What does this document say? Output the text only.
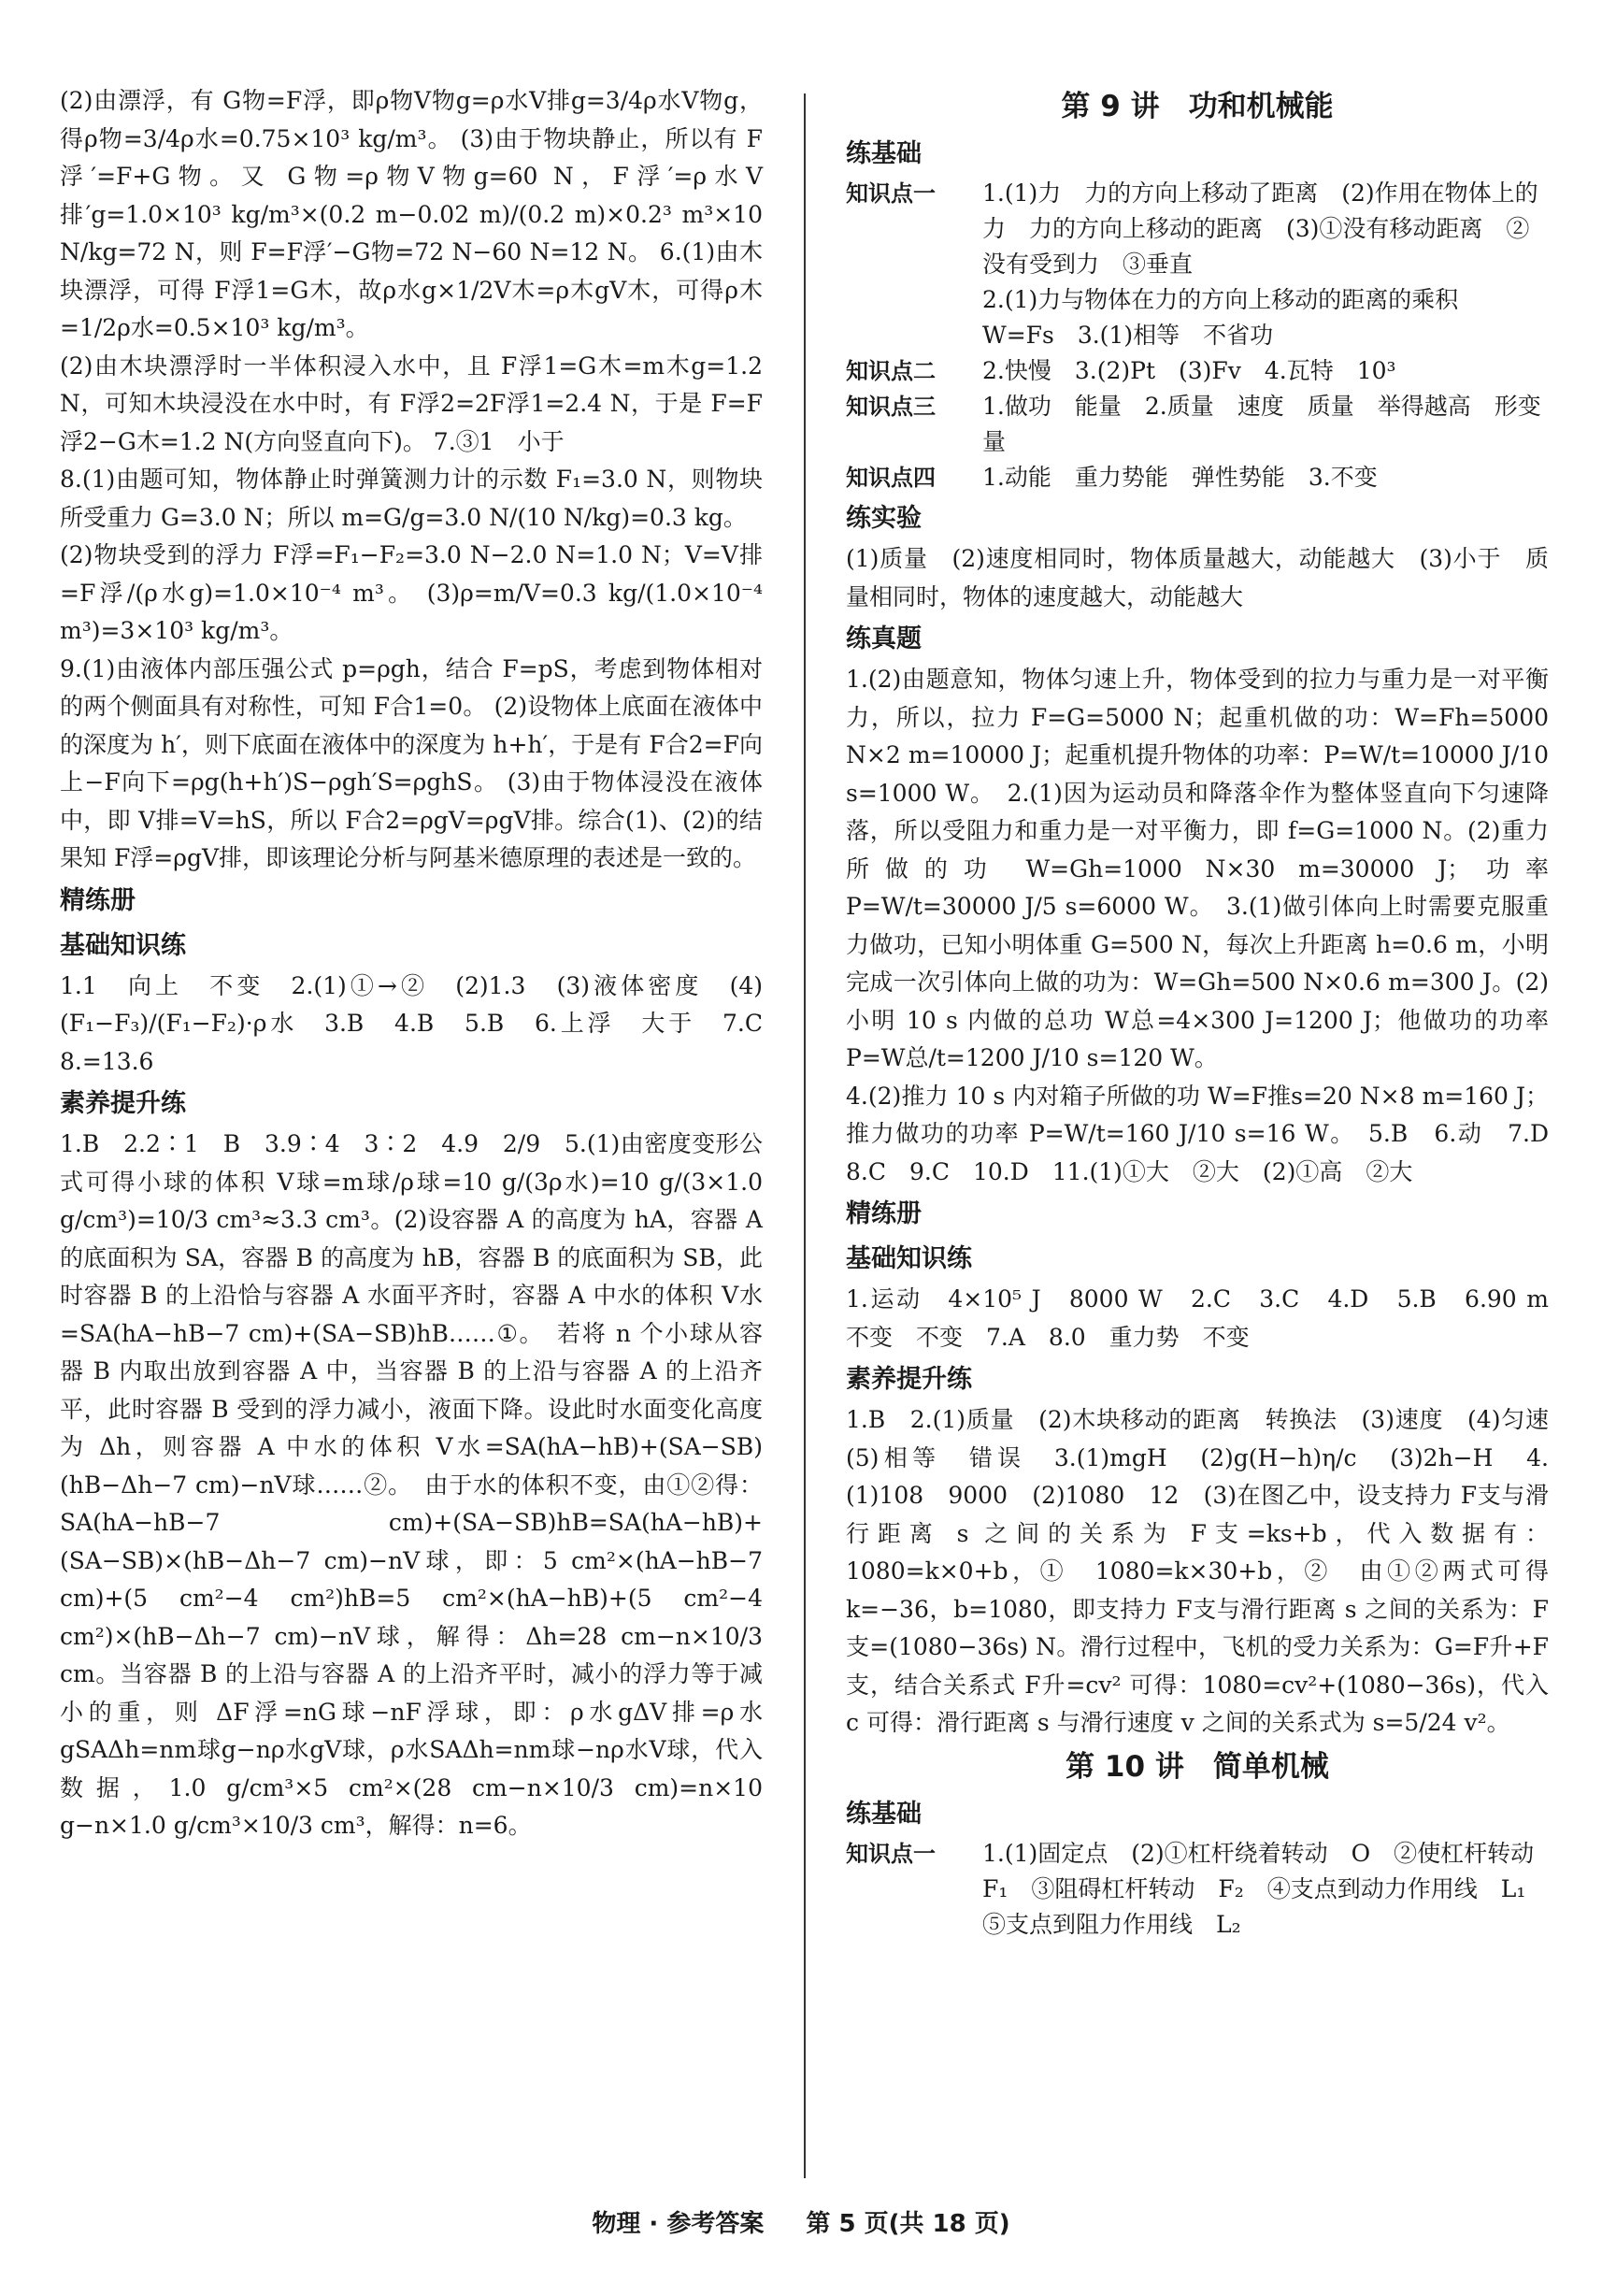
(2)由漂浮，有 G物=F浮，即ρ物V物g=ρ水V排g=3/4ρ水V物g，得ρ物=3/4ρ水=0.75×10³ kg/m³。 (3)由于物块静止，所以有 F浮′=F+G物。又 G物=ρ物V物g=60 N，F浮′=ρ水V排′g=1.0×10³ kg/m³×(0.2 m−0.02 m)/(0.2 m)×0.2³ m³×10 N/kg=72 N，则 F=F浮′−G物=72 N−60 N=12 N。 6.(1)由木块漂浮，可得 F浮1=G木，故ρ水g×1/2V木=ρ木gV木，可得ρ木=1/2ρ水=0.5×10³ kg/m³。

(2)由木块漂浮时一半体积浸入水中，且 F浮1=G木=m木g=1.2 N，可知木块浸没在水中时，有 F浮2=2F浮1=2.4 N，于是 F=F浮2−G木=1.2 N(方向竖直向下)。 7.③1　小于

8.(1)由题可知，物体静止时弹簧测力计的示数 F₁=3.0 N，则物块所受重力 G=3.0 N；所以 m=G/g=3.0 N/(10 N/kg)=0.3 kg。

(2)物块受到的浮力 F浮=F₁−F₂=3.0 N−2.0 N=1.0 N；V=V排=F浮/(ρ水g)=1.0×10⁻⁴ m³。 (3)ρ=m/V=0.3 kg/(1.0×10⁻⁴ m³)=3×10³ kg/m³。

9.(1)由液体内部压强公式 p=ρgh，结合 F=pS，考虑到物体相对的两个侧面具有对称性，可知 F合1=0。 (2)设物体上底面在液体中的深度为 h′，则下底面在液体中的深度为 h+h′，于是有 F合2=F向上−F向下=ρg(h+h′)S−ρgh′S=ρghS。 (3)由于物体浸没在液体中，即 V排=V=hS，所以 F合2=ρgV=ρgV排。综合(1)、(2)的结果知 F浮=ρgV排，即该理论分析与阿基米德原理的表述是一致的。

精练册
基础知识练

1.1　向上　不变　2.(1)①→②　(2)1.3　(3)液体密度　(4)(F₁−F₃)/(F₁−F₂)·ρ水　3.B　4.B　5.B　6.上浮　大于　7.C　8.=13.6

素养提升练

1.B　2.2∶1　B　3.9∶4　3∶2　4.9　2/9　5.(1)由密度变形公式可得小球的体积 V球=m球/ρ球=10 g/(3ρ水)=10 g/(3×1.0 g/cm³)=10/3 cm³≈3.3 cm³。(2)设容器 A 的高度为 hA，容器 A 的底面积为 SA，容器 B 的高度为 hB，容器 B 的底面积为 SB，此时容器 B 的上沿恰与容器 A 水面平齐时，容器 A 中水的体积 V水=SA(hA−hB−7 cm)+(SA−SB)hB……①。　若将 n 个小球从容器 B 内取出放到容器 A 中，当容器 B 的上沿与容器 A 的上沿齐平，此时容器 B 受到的浮力减小，液面下降。设此时水面变化高度为 Δh，则容器 A 中水的体积 V水=SA(hA−hB)+(SA−SB)(hB−Δh−7 cm)−nV球……②。　由于水的体积不变，由①②得：SA(hA−hB−7 cm)+(SA−SB)hB=SA(hA−hB)+(SA−SB)×(hB−Δh−7 cm)−nV球，即：5 cm²×(hA−hB−7 cm)+(5 cm²−4 cm²)hB=5 cm²×(hA−hB)+(5 cm²−4 cm²)×(hB−Δh−7 cm)−nV球，解得：Δh=28 cm−n×10/3 cm。当容器 B 的上沿与容器 A 的上沿齐平时，减小的浮力等于减小的重，则 ΔF浮=nG球−nF浮球，即：ρ水gΔV排=ρ水gSAΔh=nm球g−nρ水gV球，ρ水SAΔh=nm球−nρ水V球，代入数据，1.0 g/cm³×5 cm²×(28 cm−n×10/3 cm)=n×10 g−n×1.0 g/cm³×10/3 cm³，解得：n=6。

第 9 讲　功和机械能
练基础
知识点一	1.(1)力　力的方向上移动了距离　(2)作用在物体上的力　力的方向上移动的距离　(3)①没有移动距离　②没有受到力　③垂直
2.(1)力与物体在力的方向上移动的距离的乘积　W=Fs　3.(1)相等　不省功
知识点二	2.快慢　3.(2)Pt　(3)Fv　4.瓦特　10³
知识点三	1.做功　能量　2.质量　速度　质量　举得越高　形变量
知识点四	1.动能　重力势能　弹性势能　3.不变
练实验

(1)质量　(2)速度相同时，物体质量越大，动能越大　(3)小于　质量相同时，物体的速度越大，动能越大

练真题

1.(2)由题意知，物体匀速上升，物体受到的拉力与重力是一对平衡力，所以，拉力 F=G=5000 N；起重机做的功：W=Fh=5000 N×2 m=10000 J；起重机提升物体的功率：P=W/t=10000 J/10 s=1000 W。　2.(1)因为运动员和降落伞作为整体竖直向下匀速降落，所以受阻力和重力是一对平衡力，即 f=G=1000 N。(2)重力所做的功 W=Gh=1000 N×30 m=30000 J；功率 P=W/t=30000 J/5 s=6000 W。　3.(1)做引体向上时需要克服重力做功，已知小明体重 G=500 N，每次上升距离 h=0.6 m，小明完成一次引体向上做的功为：W=Gh=500 N×0.6 m=300 J。(2)小明 10 s 内做的总功 W总=4×300 J=1200 J；他做功的功率 P=W总/t=1200 J/10 s=120 W。
4.(2)推力 10 s 内对箱子所做的功 W=F推s=20 N×8 m=160 J；推力做功的功率 P=W/t=160 J/10 s=16 W。　5.B　6.动　7.D　8.C　9.C　10.D　11.(1)①大　②大　(2)①高　②大

精练册
基础知识练

1.运动　4×10⁵ J　8000 W　2.C　3.C　4.D　5.B　6.90 m　不变　不变　7.A　8.0　重力势　不变

素养提升练

1.B　2.(1)质量　(2)木块移动的距离　转换法　(3)速度　(4)匀速　(5)相等　错误　3.(1)mgH　(2)g(H−h)η/c　(3)2h−H　4.(1)108　9000　(2)1080　12　(3)在图乙中，设支持力 F支与滑行距离 s 之间的关系为 F支=ks+b，代入数据有：1080=k×0+b，①　1080=k×30+b，②　由①②两式可得 k=−36，b=1080，即支持力 F支与滑行距离 s 之间的关系为：F支=(1080−36s) N。滑行过程中，飞机的受力关系为：G=F升+F支，结合关系式 F升=cv² 可得：1080=cv²+(1080−36s)，代入 c 可得：滑行距离 s 与滑行速度 v 之间的关系式为 s=5/24 v²。

第 10 讲　简单机械
练基础
知识点一	1.(1)固定点　(2)①杠杆绕着转动　O　②使杠杆转动　F₁　③阻碍杠杆转动　F₂　④支点到动力作用线　L₁　⑤支点到阻力作用线　L₂
物理 · 参考答案 第 5 页(共 18 页)
